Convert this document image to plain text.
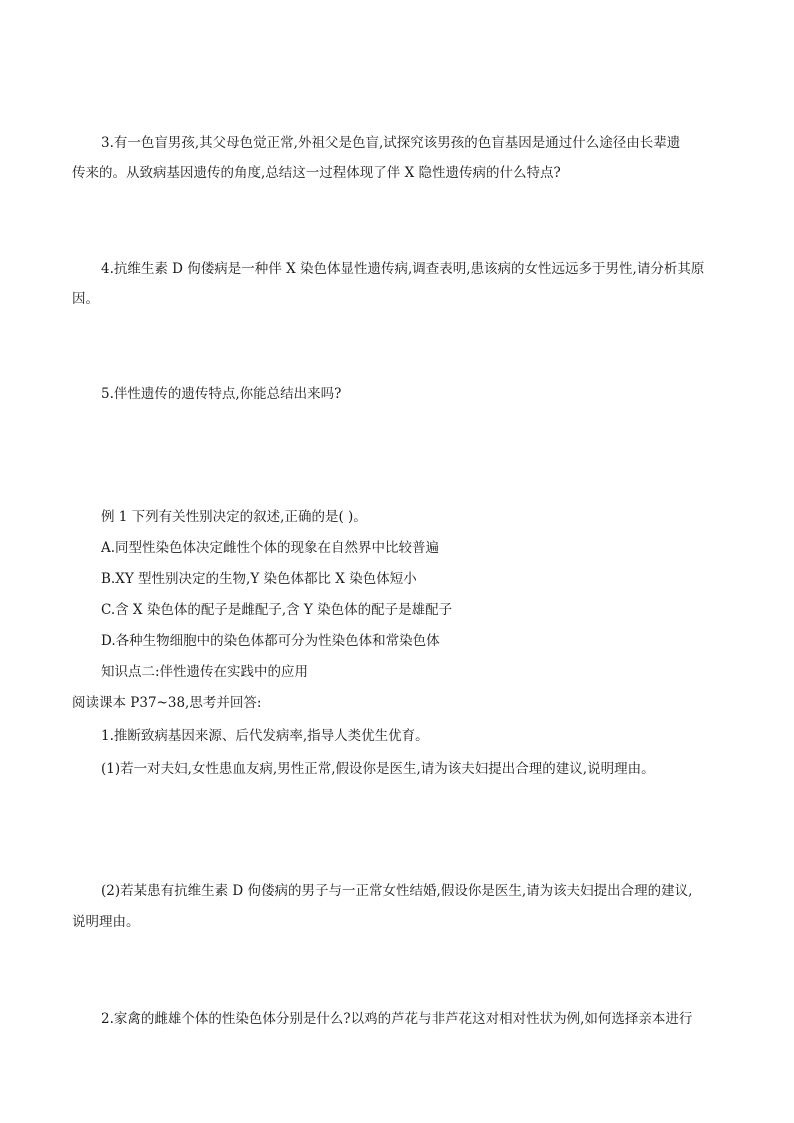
3.有一色盲男孩,其父母色觉正常,外祖父是色盲,试探究该男孩的色盲基因是通过什么途径由长辈遗
传来的。从致病基因遗传的角度,总结这一过程体现了伴 X 隐性遗传病的什么特点?
4.抗维生素 D 佝偻病是一种伴 X 染色体显性遗传病,调查表明,患该病的女性远远多于男性,请分析其原
因。
5.伴性遗传的遗传特点,你能总结出来吗?
例 1 下列有关性别决定的叙述,正确的是( )。
A.同型性染色体决定雌性个体的现象在自然界中比较普遍
B.XY 型性别决定的生物,Y 染色体都比 X 染色体短小
C.含 X 染色体的配子是雌配子,含 Y 染色体的配子是雄配子
D.各种生物细胞中的染色体都可分为性染色体和常染色体
知识点二:伴性遗传在实践中的应用
阅读课本 P37~38,思考并回答:
1.推断致病基因来源、后代发病率,指导人类优生优育。
(1)若一对夫妇,女性患血友病,男性正常,假设你是医生,请为该夫妇提出合理的建议,说明理由。
(2)若某患有抗维生素 D 佝偻病的男子与一正常女性结婚,假设你是医生,请为该夫妇提出合理的建议,
说明理由。
2.家禽的雌雄个体的性染色体分别是什么?以鸡的芦花与非芦花这对相对性状为例,如何选择亲本进行
